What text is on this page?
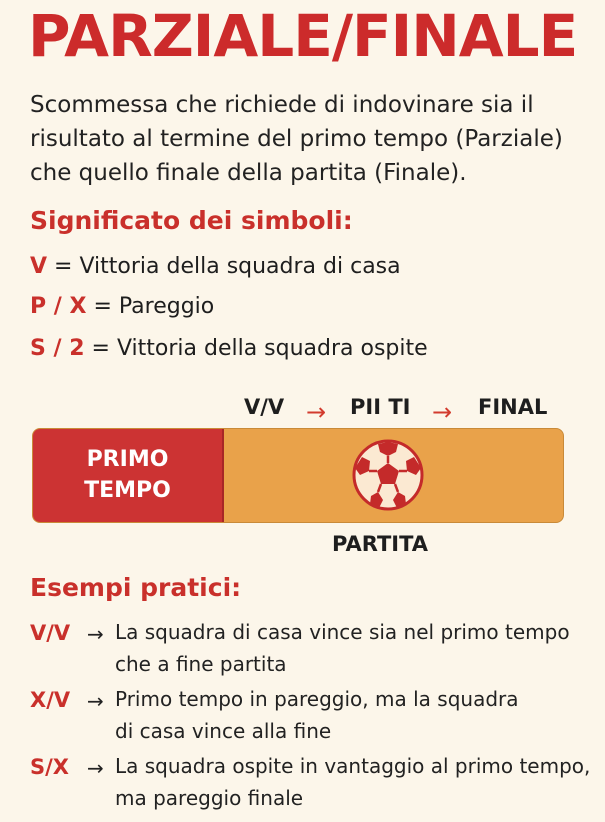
PARZIALE/FINALE
Scommessa che richiede di indovinare sia il risultato al termine del primo tempo (Parziale) che quello finale della partita (Finale).
Significato dei simboli:
V = Vittoria della squadra di casa
P / X = Pareggio
S / 2 = Vittoria della squadra ospite
V/V → PII TI → FINAL
PRIMO
TEMPO
PARTITA
Esempi pratici:
V/V → La squadra di casa vince sia nel primo tempo
che a fine partita
X/V → Primo tempo in pareggio, ma la squadra
di casa vince alla fine
S/X → La squadra ospite in vantaggio al primo tempo,
ma pareggio finale
